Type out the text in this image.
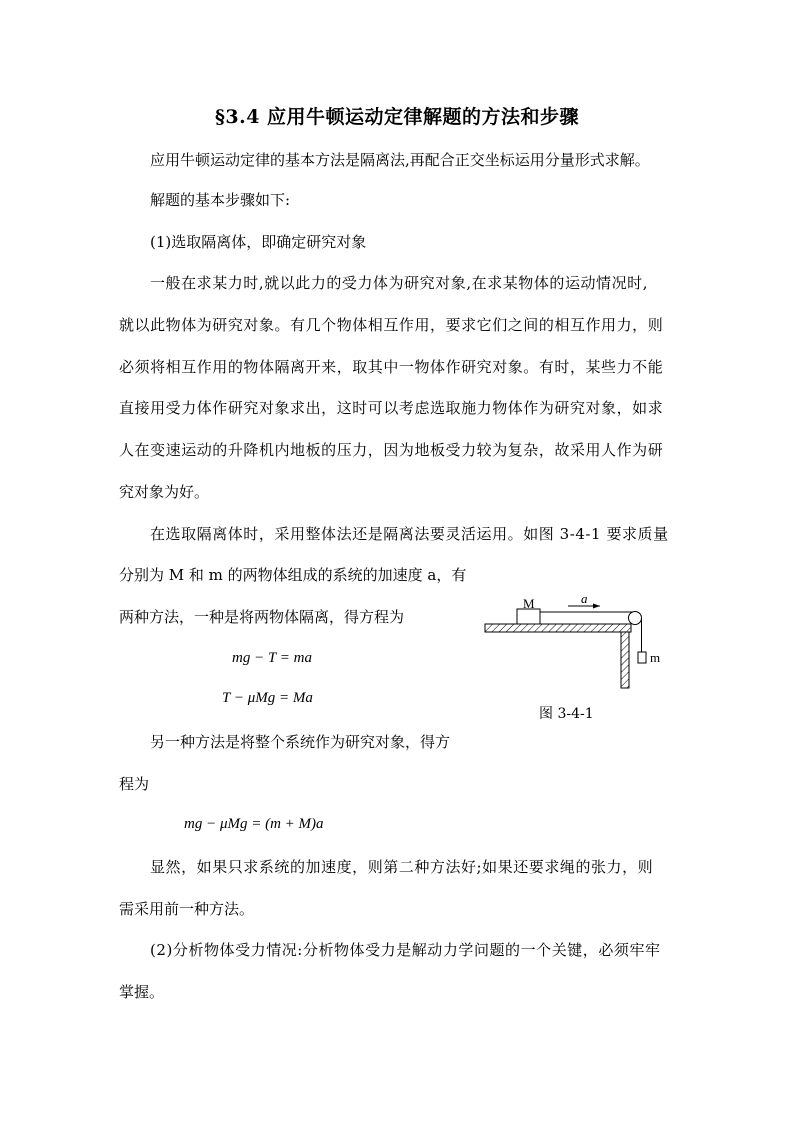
§3.4 应用牛顿运动定律解题的方法和步骤
应用牛顿运动定律的基本方法是隔离法,再配合正交坐标运用分量形式求解。
解题的基本步骤如下:
(1)选取隔离体，即确定研究对象
一般在求某力时,就以此力的受力体为研究对象,在求某物体的运动情况时,
就以此物体为研究对象。有几个物体相互作用，要求它们之间的相互作用力，则
必须将相互作用的物体隔离开来，取其中一物体作研究对象。有时，某些力不能
直接用受力体作研究对象求出，这时可以考虑选取施力物体作为研究对象，如求
人在变速运动的升降机内地板的压力，因为地板受力较为复杂，故采用人作为研
究对象为好。
在选取隔离体时，采用整体法还是隔离法要灵活运用。如图 3-4-1 要求质量
分别为 M 和 m 的两物体组成的系统的加速度 a，有
两种方法，一种是将两物体隔离，得方程为
mg − T = ma
T − μMg = Ma
另一种方法是将整个系统作为研究对象，得方
程为
mg − μMg = (m + M)a
显然，如果只求系统的加速度，则第二种方法好;如果还要求绳的张力，则
需采用前一种方法。
(2)分析物体受力情况:分析物体受力是解动力学问题的一个关键，必须牢牢
掌握。
M
m
a
图 3-4-1
